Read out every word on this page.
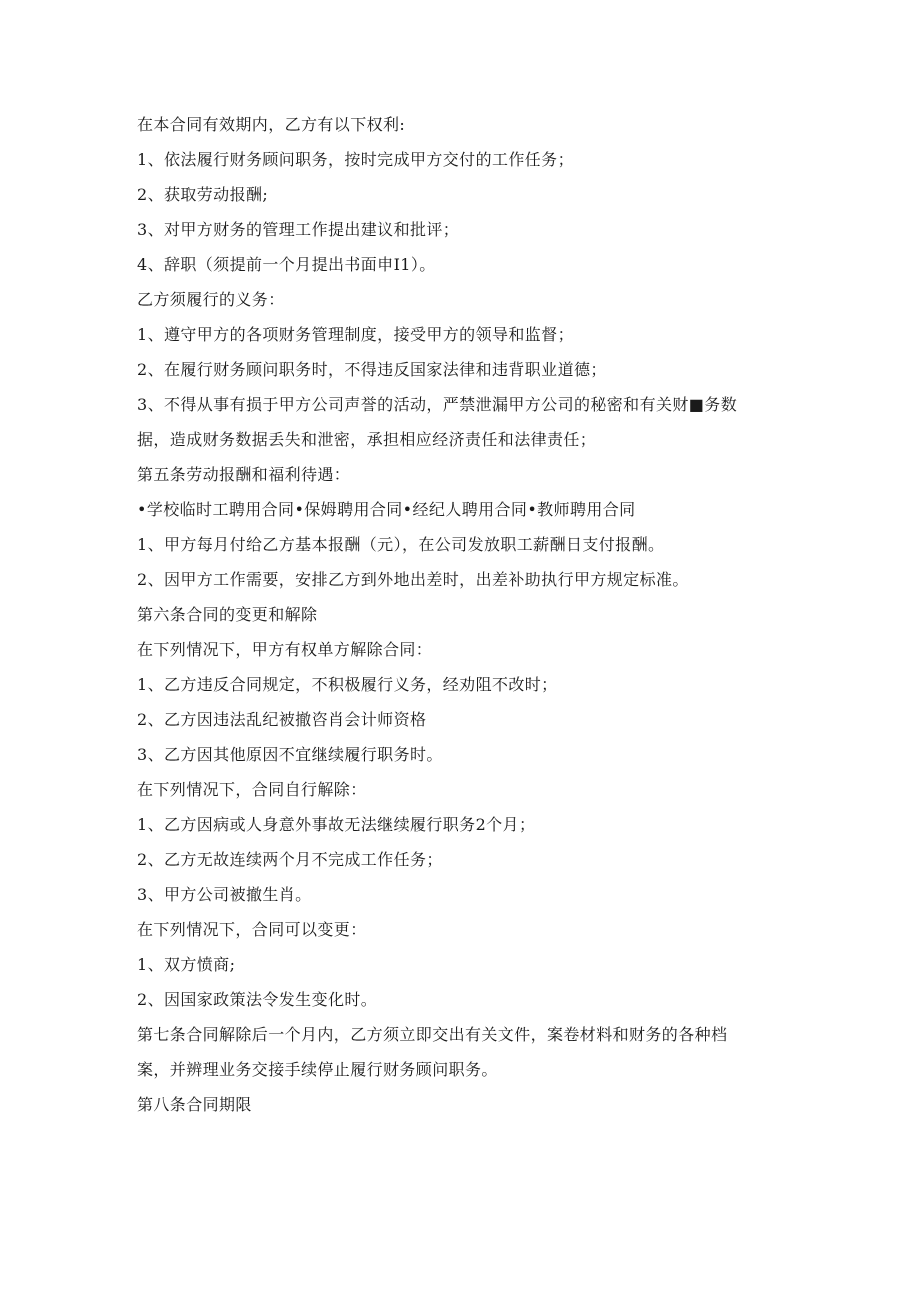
在本合同有效期内，乙方有以下权利:
1、依法履行财务顾问职务，按时完成甲方交付的工作任务；
2、获取劳动报酬;
3、对甲方财务的管理工作提出建议和批评；
4、辞职（须提前一个月提出书面申I1）。
乙方须履行的义务：
1、遵守甲方的各项财务管理制度，接受甲方的领导和监督；
2、在履行财务顾问职务时，不得违反国家法律和违背职业道德；
3、不得从事有损于甲方公司声誉的活动，严禁泄漏甲方公司的秘密和有关财■务数
据，造成财务数据丢失和泄密，承担相应经济责任和法律责任；
第五条劳动报酬和福利待遇：
•学校临时工聘用合同•保姆聘用合同•经纪人聘用合同•教师聘用合同
1、甲方每月付给乙方基本报酬（元），在公司发放职工薪酬日支付报酬。
2、因甲方工作需要，安排乙方到外地出差时，出差补助执行甲方规定标准。
第六条合同的变更和解除
在下列情况下，甲方有权单方解除合同：
1、乙方违反合同规定，不积极履行义务，经劝阻不改时；
2、乙方因违法乱纪被撤咨肖会计师资格
3、乙方因其他原因不宜继续履行职务时。
在下列情况下，合同自行解除：
1、乙方因病或人身意外事故无法继续履行职务2个月；
2、乙方无故连续两个月不完成工作任务；
3、甲方公司被撤生肖。
在下列情况下，合同可以变更：
1、双方愤商;
2、因国家政策法令发生变化时。
第七条合同解除后一个月内，乙方须立即交出有关文件，案卷材料和财务的各种档
案，并辨理业务交接手续停止履行财务顾问职务。
第八条合同期限
